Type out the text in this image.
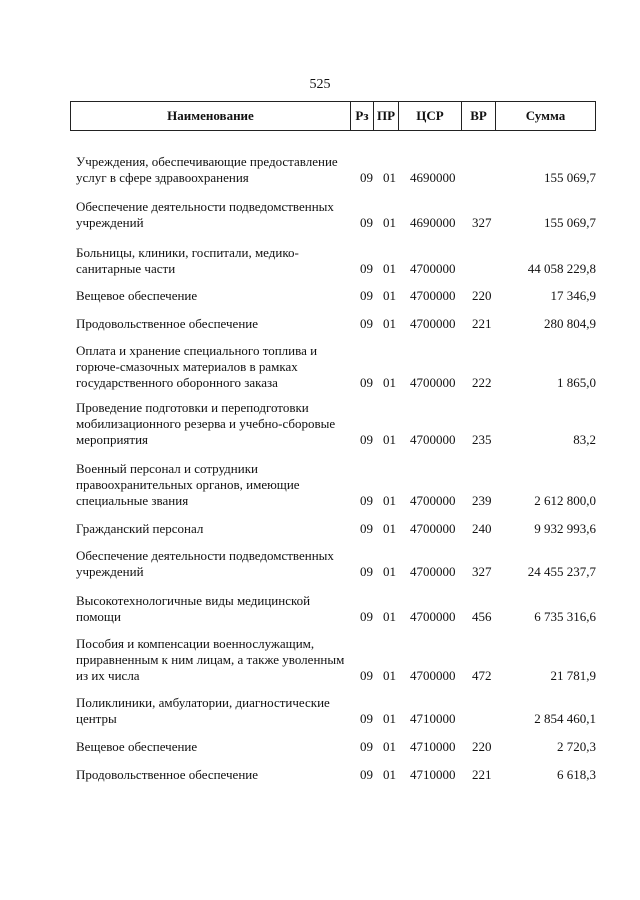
525
Наименование	Рз ПР	ЦСР	ВР	Сумма
Учреждения, обеспечивающие предоставление услуг в сфере здравоохранения	09 01 4690000	155 069,7
Обеспечение деятельности подведомственных учреждений	09 01 4690000 327	155 069,7
Больницы, клиники, госпитали, медико-санитарные части	09 01 4700000	44 058 229,8
Вещевое обеспечение	09 01 4700000 220	17 346,9
Продовольственное обеспечение	09 01 4700000 221	280 804,9
Оплата и хранение специального топлива и горюче-смазочных материалов в рамках государственного оборонного заказа	09 01 4700000 222	1 865,0
Проведение подготовки и переподготовки мобилизационного резерва и учебно-сборовые мероприятия	09 01 4700000 235	83,2
Военный персонал и сотрудники правоохранительных органов, имеющие специальные звания	09 01 4700000 239	2 612 800,0
Гражданский персонал	09 01 4700000 240	9 932 993,6
Обеспечение деятельности подведомственных учреждений	09 01 4700000 327	24 455 237,7
Высокотехнологичные виды медицинской помощи	09 01 4700000 456	6 735 316,6
Пособия и компенсации военнослужащим, приравненным к ним лицам, а также уволенным из их числа	09 01 4700000 472	21 781,9
Поликлиники, амбулатории, диагностические центры	09 01 4710000	2 854 460,1
Вещевое обеспечение	09 01 4710000 220	2 720,3
Продовольственное обеспечение	09 01 4710000 221	6 618,3
